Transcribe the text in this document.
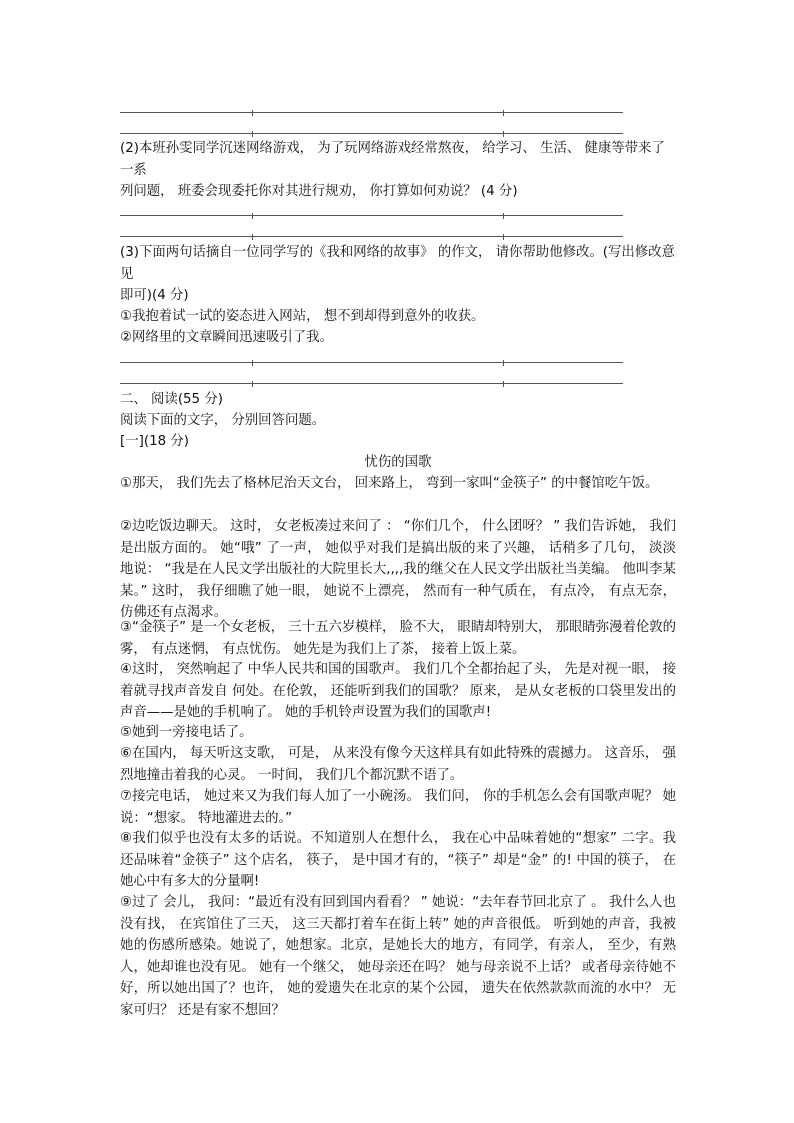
(2)本班孙雯同学沉迷网络游戏， 为了玩网络游戏经常熬夜， 给学习、 生活、 健康等带来了一系
列问题， 班委会现委托你对其进行规劝， 你打算如何劝说？ (4 分)
(3)下面两句话摘自一位同学写的《我和网络的故事》 的作文， 请你帮助他修改。(写出修改意见
即可)(4 分)
①我抱着试一试的姿态进入网站， 想不到却得到意外的收获。
②网络里的文章瞬间迅速吸引了我。
二、 阅读(55 分)
阅读下面的文字， 分别回答问题。
[一](18 分)
忧伤的国歌
①那天， 我们先去了格林尼治天文台， 回来路上， 弯到一家叫“金筷子” 的中餐馆吃午饭。
②边吃饭边聊天。 这时， 女老板凑过来问了 ： “你们几个， 什么团呀？ ” 我们告诉她， 我们是出版方面的。 她“哦” 了一声， 她似乎对我们是搞出版的来了兴趣， 话稍多了几句， 淡淡地说： “我是在人民文学出版社的大院里长大,,,,我的继父在人民文学出版社当美编。 他叫李某某。” 这时， 我仔细瞧了她一眼， 她说不上漂亮， 然而有一种气质在， 有点冷， 有点无奈， 仿佛还有点渴求。
③“金筷子” 是一个女老板， 三十五六岁模样， 脸不大， 眼睛却特别大， 那眼睛弥漫着伦敦的雾， 有点迷惘， 有点忧伤。 她先是为我们上了茶， 接着上饭上菜。
④这时， 突然响起了 中华人民共和国的国歌声。 我们几个全都抬起了头， 先是对视一眼， 接着就寻找声音发自 何处。在伦敦， 还能听到我们的国歌？ 原来， 是从女老板的口袋里发出的声音——是她的手机响了。 她的手机铃声设置为我们的国歌声!
⑤她到一旁接电话了。
⑥在国内， 每天听这支歌， 可是， 从来没有像今天这样具有如此特殊的震撼力。 这音乐， 强烈地撞击着我的心灵。 一时间， 我们几个都沉默不语了。
⑦接完电话， 她过来又为我们每人加了一小碗汤。 我们问， 你的手机怎么会有国歌声呢？ 她说：“想家。 特地灌进去的。”
⑧我们似乎也没有太多的话说。不知道别人在想什么， 我在心中品味着她的“想家” 二字。我还品味着“金筷子” 这个店名， 筷子， 是中国才有的，“筷子” 却是“金” 的! 中国的筷子， 在她心中有多大的分量啊!
⑨过了 会儿， 我问：“最近有没有回到国内看看？ ” 她说：“去年春节回北京了 。 我什么人也没有找， 在宾馆住了三天， 这三天都打着车在街上转” 她的声音很低。 听到她的声音，我被她的伤感所感染。她说了，她想家。北京，是她长大的地方，有同学，有亲人， 至少，有熟人，她却谁也没有见。 她有一个继父， 她母亲还在吗？ 她与母亲说不上话？ 或者母亲待她不好，所以她出国了？也许， 她的爱遗失在北京的某个公园， 遗失在依然款款而流的水中？ 无家可归？ 还是有家不想回？
